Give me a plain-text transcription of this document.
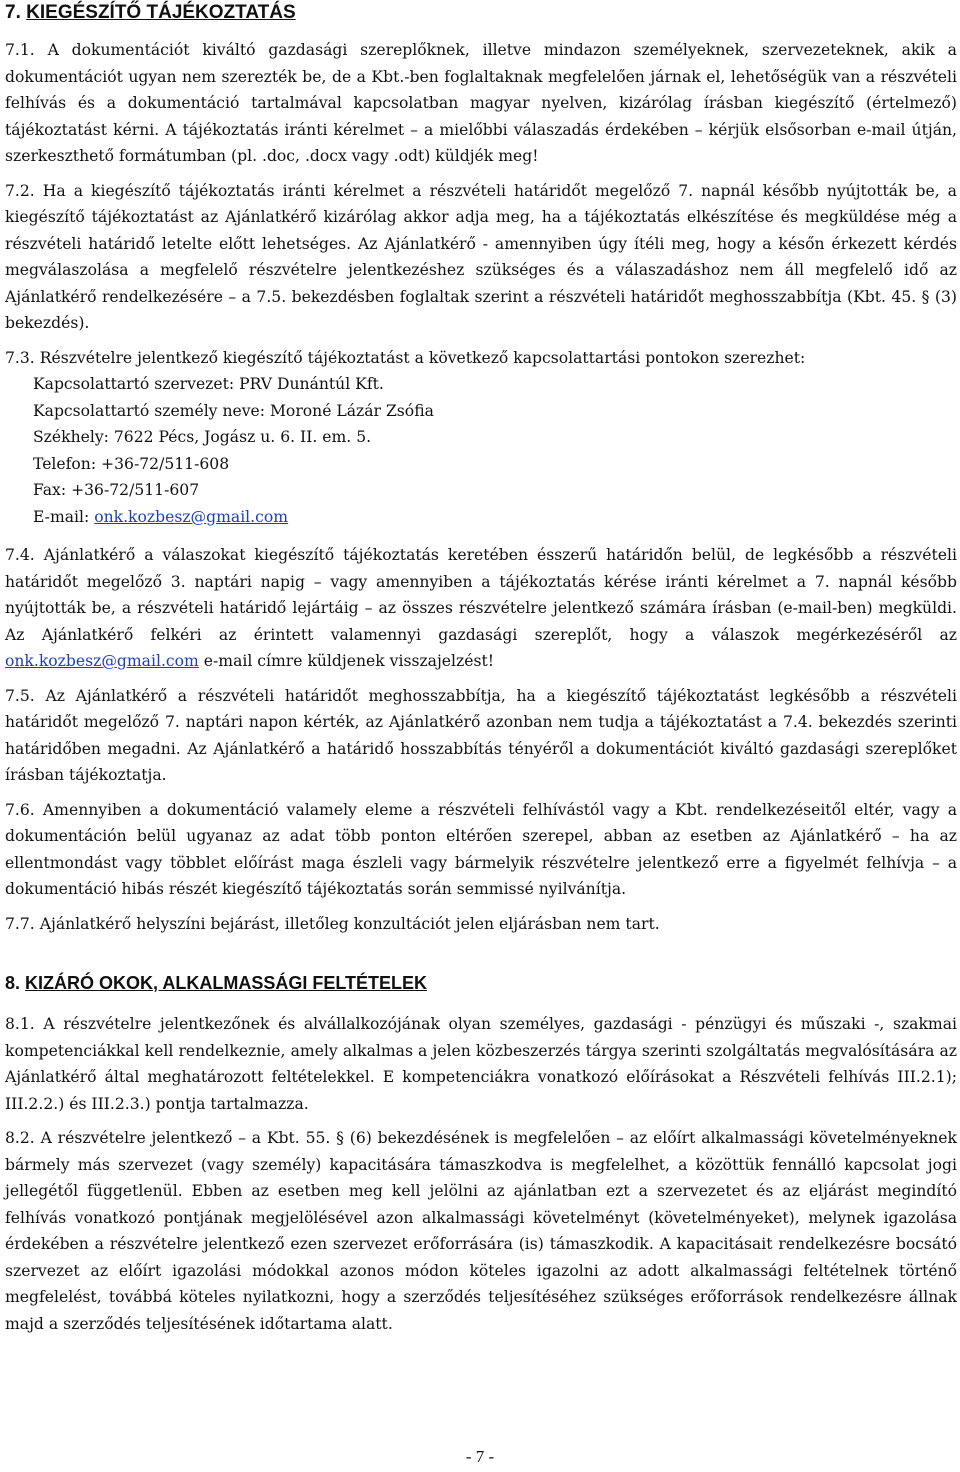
7. KIEGÉSZÍTŐ TÁJÉKOZTATÁS

7.1. A dokumentációt kiváltó gazdasági szereplőknek, illetve mindazon személyeknek, szervezeteknek, akik a dokumentációt ugyan nem szerezték be, de a Kbt.-ben foglaltaknak megfelelően járnak el, lehetőségük van a részvételi felhívás és a dokumentáció tartalmával kapcsolatban magyar nyelven, kizárólag írásban kiegészítő (értelmező) tájékoztatást kérni. A tájékoztatás iránti kérelmet – a mielőbbi válaszadás érdekében – kérjük elsősorban e-mail útján, szerkeszthető formátumban (pl. .doc, .docx vagy .odt) küldjék meg!

7.2. Ha a kiegészítő tájékoztatás iránti kérelmet a részvételi határidőt megelőző 7. napnál később nyújtották be, a kiegészítő tájékoztatást az Ajánlatkérő kizárólag akkor adja meg, ha a tájékoztatás elkészítése és megküldése még a részvételi határidő letelte előtt lehetséges. Az Ajánlatkérő - amennyiben úgy ítéli meg, hogy a későn érkezett kérdés megválaszolása a megfelelő részvételre jelentkezéshez szükséges és a válaszadáshoz nem áll megfelelő idő az Ajánlatkérő rendelkezésére – a 7.5. bekezdésben foglaltak szerint a részvételi határidőt meghosszabbítja (Kbt. 45. § (3) bekezdés).

7.3. Részvételre jelentkező kiegészítő tájékoztatást a következő kapcsolattartási pontokon szerezhet:

Kapcsolattartó szervezet: PRV Dunántúl Kft.
Kapcsolattartó személy neve: Moroné Lázár Zsófia
Székhely: 7622 Pécs, Jogász u. 6. II. em. 5.
Telefon: +36-72/511-608
Fax: +36-72/511-607
E-mail: onk.kozbesz@gmail.com

7.4. Ajánlatkérő a válaszokat kiegészítő tájékoztatás keretében ésszerű határidőn belül, de legkésőbb a részvételi határidőt megelőző 3. naptári napig – vagy amennyiben a tájékoztatás kérése iránti kérelmet a 7. napnál később nyújtották be, a részvételi határidő lejártáig – az összes részvételre jelentkező számára írásban (e-mail-ben) megküldi. Az Ajánlatkérő felkéri az érintett valamennyi gazdasági szereplőt, hogy a válaszok megérkezéséről az onk.kozbesz@gmail.com e-mail címre küldjenek visszajelzést!

7.5. Az Ajánlatkérő a részvételi határidőt meghosszabbítja, ha a kiegészítő tájékoztatást legkésőbb a részvételi határidőt megelőző 7. naptári napon kérték, az Ajánlatkérő azonban nem tudja a tájékoztatást a 7.4. bekezdés szerinti határidőben megadni. Az Ajánlatkérő a határidő hosszabbítás tényéről a dokumentációt kiváltó gazdasági szereplőket írásban tájékoztatja.

7.6. Amennyiben a dokumentáció valamely eleme a részvételi felhívástól vagy a Kbt. rendelkezéseitől eltér, vagy a dokumentáción belül ugyanaz az adat több ponton eltérően szerepel, abban az esetben az Ajánlatkérő – ha az ellentmondást vagy többlet előírást maga észleli vagy bármelyik részvételre jelentkező erre a figyelmét felhívja – a dokumentáció hibás részét kiegészítő tájékoztatás során semmissé nyilvánítja.

7.7. Ajánlatkérő helyszíni bejárást, illetőleg konzultációt jelen eljárásban nem tart.

8. KIZÁRÓ OKOK, ALKALMASSÁGI FELTÉTELEK

8.1. A részvételre jelentkezőnek és alvállalkozójának olyan személyes, gazdasági - pénzügyi és műszaki -, szakmai kompetenciákkal kell rendelkeznie, amely alkalmas a jelen közbeszerzés tárgya szerinti szolgáltatás megvalósítására az Ajánlatkérő által meghatározott feltételekkel. E kompetenciákra vonatkozó előírásokat a Részvételi felhívás III.2.1); III.2.2.) és III.2.3.) pontja tartalmazza.

8.2. A részvételre jelentkező – a Kbt. 55. § (6) bekezdésének is megfelelően – az előírt alkalmassági követelményeknek bármely más szervezet (vagy személy) kapacitására támaszkodva is megfelelhet, a közöttük fennálló kapcsolat jogi jellegétől függetlenül. Ebben az esetben meg kell jelölni az ajánlatban ezt a szervezetet és az eljárást megindító felhívás vonatkozó pontjának megjelölésével azon alkalmassági követelményt (követelményeket), melynek igazolása érdekében a részvételre jelentkező ezen szervezet erőforrására (is) támaszkodik. A kapacitásait rendelkezésre bocsátó szervezet az előírt igazolási módokkal azonos módon köteles igazolni az adott alkalmassági feltételnek történő megfelelést, továbbá köteles nyilatkozni, hogy a szerződés teljesítéséhez szükséges erőforrások rendelkezésre állnak majd a szerződés teljesítésének időtartama alatt.

- 7 -
